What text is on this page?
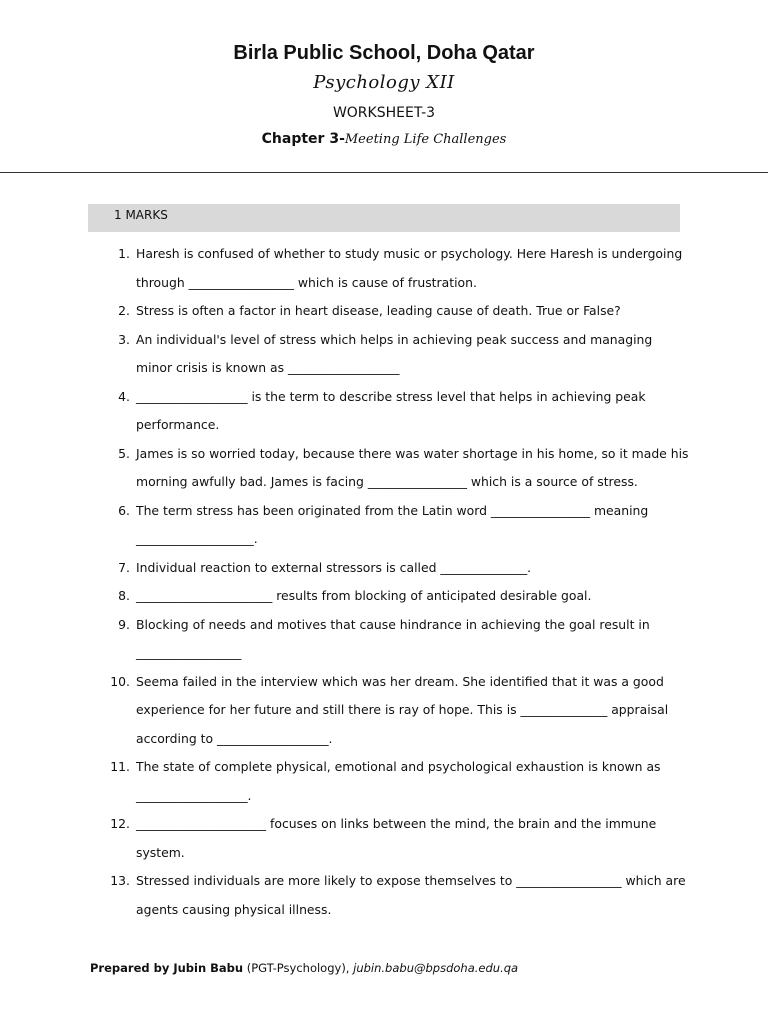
Birla Public School, Doha Qatar

Psychology XII

WORKSHEET-3

Chapter 3-Meeting Life Challenges

1 MARKS
1. Haresh is confused of whether to study music or psychology. Here Haresh is undergoing through _________________ which is cause of frustration.
2. Stress is often a factor in heart disease, leading cause of death. True or False?
3. An individual's level of stress which helps in achieving peak success and managing minor crisis is known as __________________
4. __________________ is the term to describe stress level that helps in achieving peak performance.
5. James is so worried today, because there was water shortage in his home, so it made his morning awfully bad. James is facing ________________ which is a source of stress.
6. The term stress has been originated from the Latin word ________________ meaning ___________________.
7. Individual reaction to external stressors is called ______________.
8. ______________________ results from blocking of anticipated desirable goal.
9. Blocking of needs and motives that cause hindrance in achieving the goal result in _________________
10. Seema failed in the interview which was her dream. She identified that it was a good experience for her future and still there is ray of hope. This is ______________ appraisal according to __________________.
11. The state of complete physical, emotional and psychological exhaustion is known as __________________.
12. _____________________ focuses on links between the mind, the brain and the immune system.
13. Stressed individuals are more likely to expose themselves to _________________ which are agents causing physical illness.
Prepared by Jubin Babu (PGT-Psychology), jubin.babu@bpsdoha.edu.qa
